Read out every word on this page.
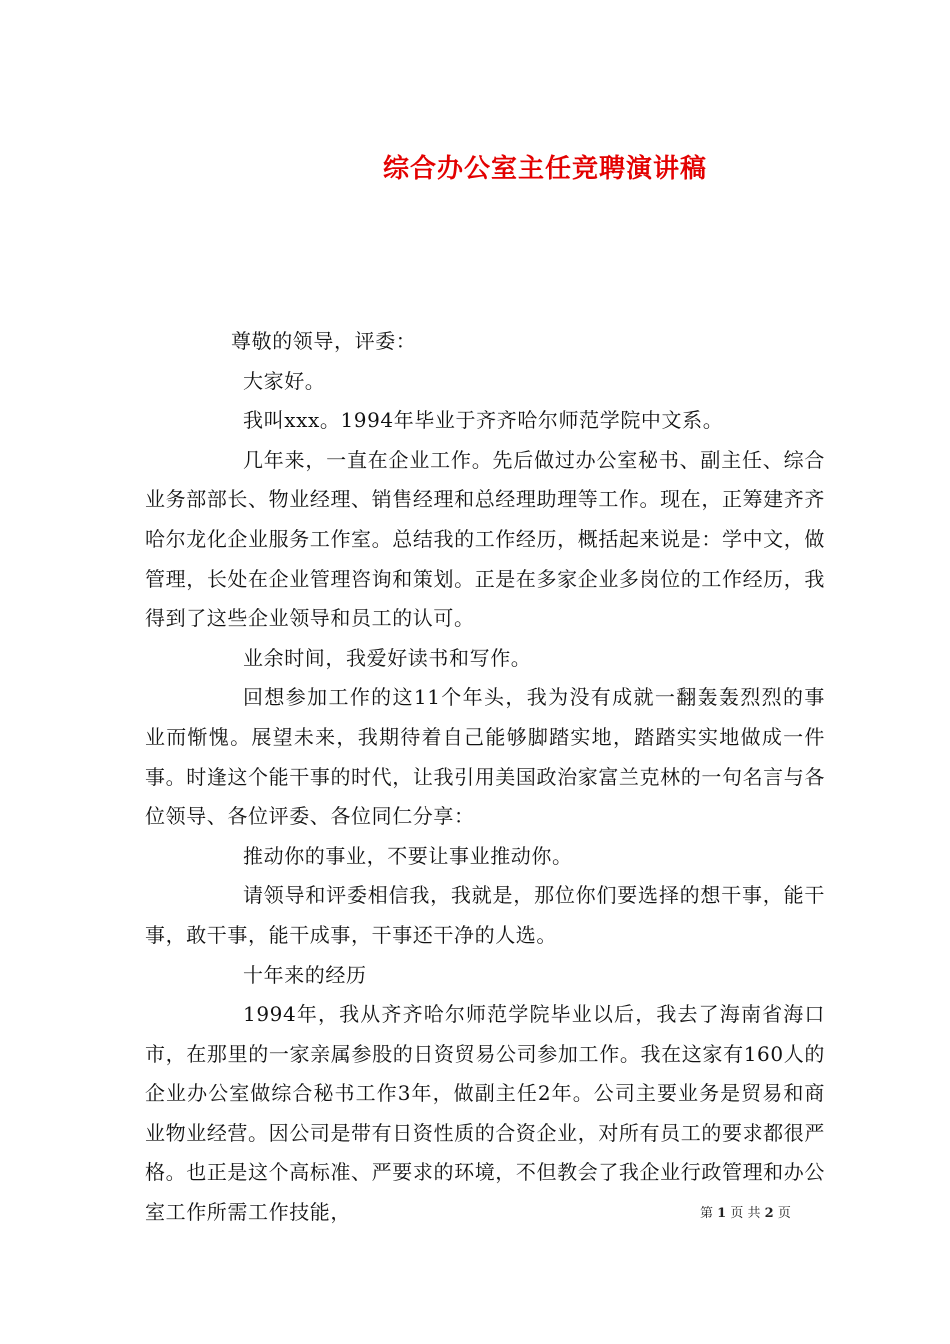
综合办公室主任竞聘演讲稿

尊敬的领导，评委：

大家好。

我叫xxx。1994年毕业于齐齐哈尔师范学院中文系。

几年来，一直在企业工作。先后做过办公室秘书、副主任、综合业务部部长、物业经理、销售经理和总经理助理等工作。现在，正筹建齐齐哈尔龙化企业服务工作室。总结我的工作经历，概括起来说是：学中文，做管理，长处在企业管理咨询和策划。正是在多家企业多岗位的工作经历，我得到了这些企业领导和员工的认可。

业余时间，我爱好读书和写作。

回想参加工作的这11个年头，我为没有成就一翻轰轰烈烈的事业而惭愧。展望未来，我期待着自己能够脚踏实地，踏踏实实地做成一件事。时逢这个能干事的时代，让我引用美国政治家富兰克林的一句名言与各位领导、各位评委、各位同仁分享：

推动你的事业，不要让事业推动你。

请领导和评委相信我，我就是，那位你们要选择的想干事，能干事，敢干事，能干成事，干事还干净的人选。

十年来的经历

1994年，我从齐齐哈尔师范学院毕业以后，我去了海南省海口市，在那里的一家亲属参股的日资贸易公司参加工作。我在这家有160人的企业办公室做综合秘书工作3年，做副主任2年。公司主要业务是贸易和商业物业经营。因公司是带有日资性质的合资企业，对所有员工的要求都很严格。也正是这个高标准、严要求的环境，不但教会了我企业行政管理和办公室工作所需工作技能，	第 1 页 共 2 页
